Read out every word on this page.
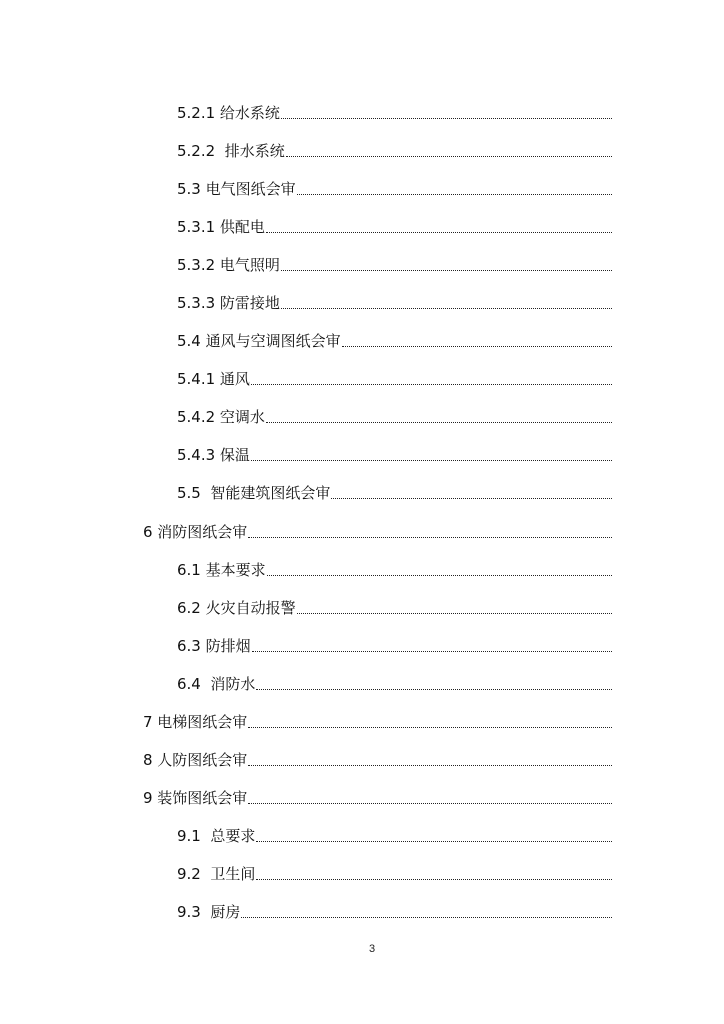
5.2.1 给水系统
5.2.2  排水系统
5.3 电气图纸会审
5.3.1 供配电
5.3.2 电气照明
5.3.3 防雷接地
5.4 通风与空调图纸会审
5.4.1 通风
5.4.2 空调水
5.4.3 保温
5.5  智能建筑图纸会审
6 消防图纸会审
6.1 基本要求
6.2 火灾自动报警
6.3 防排烟
6.4  消防水
7 电梯图纸会审
8 人防图纸会审
9 装饰图纸会审
9.1  总要求
9.2  卫生间
9.3  厨房
3
